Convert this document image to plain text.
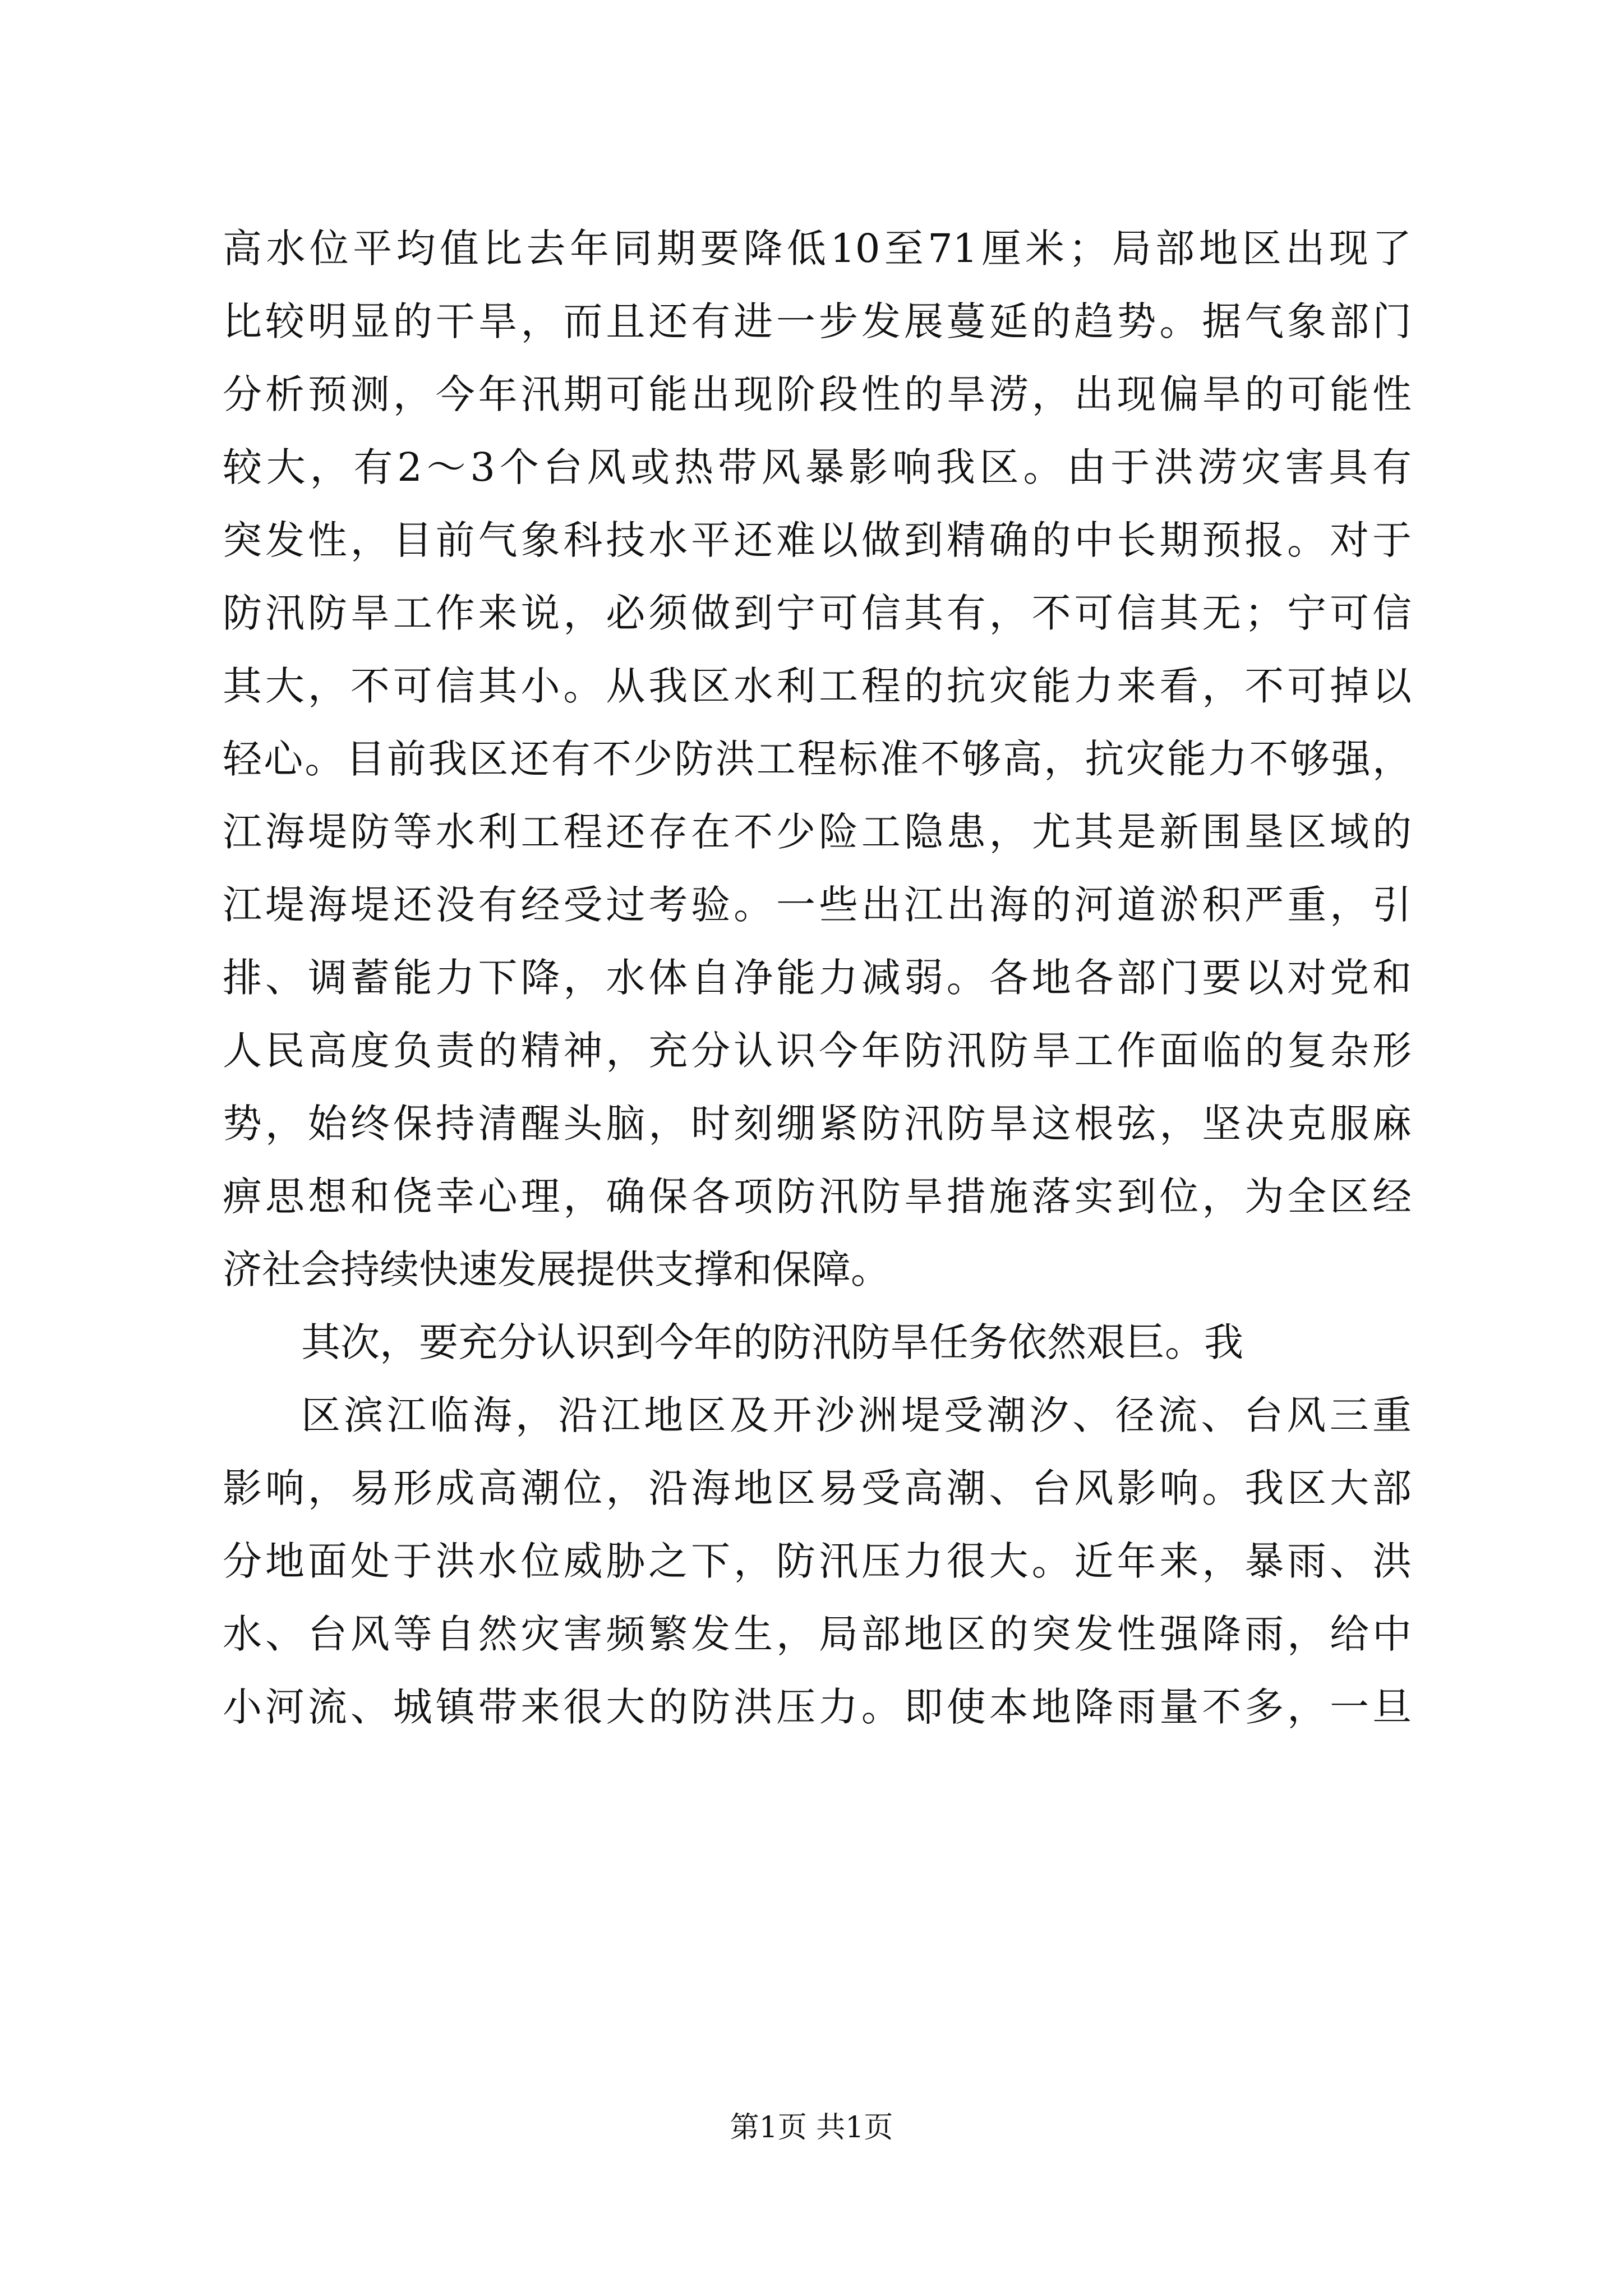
高水位平均值比去年同期要降低10至71厘米；局部地区出现了
比较明显的干旱，而且还有进一步发展蔓延的趋势。据气象部门
分析预测，今年汛期可能出现阶段性的旱涝，出现偏旱的可能性
较大，有2～3个台风或热带风暴影响我区。由于洪涝灾害具有
突发性，目前气象科技水平还难以做到精确的中长期预报。对于
防汛防旱工作来说，必须做到宁可信其有，不可信其无；宁可信
其大，不可信其小。从我区水利工程的抗灾能力来看，不可掉以
轻心。目前我区还有不少防洪工程标准不够高，抗灾能力不够强，
江海堤防等水利工程还存在不少险工隐患，尤其是新围垦区域的
江堤海堤还没有经受过考验。一些出江出海的河道淤积严重，引
排、调蓄能力下降，水体自净能力减弱。各地各部门要以对党和
人民高度负责的精神，充分认识今年防汛防旱工作面临的复杂形
势，始终保持清醒头脑，时刻绷紧防汛防旱这根弦，坚决克服麻
痹思想和侥幸心理，确保各项防汛防旱措施落实到位，为全区经
济社会持续快速发展提供支撑和保障。
其次，要充分认识到今年的防汛防旱任务依然艰巨。我
区滨江临海，沿江地区及开沙洲堤受潮汐、径流、台风三重
影响，易形成高潮位，沿海地区易受高潮、台风影响。我区大部
分地面处于洪水位威胁之下，防汛压力很大。近年来，暴雨、洪
水、台风等自然灾害频繁发生，局部地区的突发性强降雨，给中
小河流、城镇带来很大的防洪压力。即使本地降雨量不多，一旦
第1页 共1页
